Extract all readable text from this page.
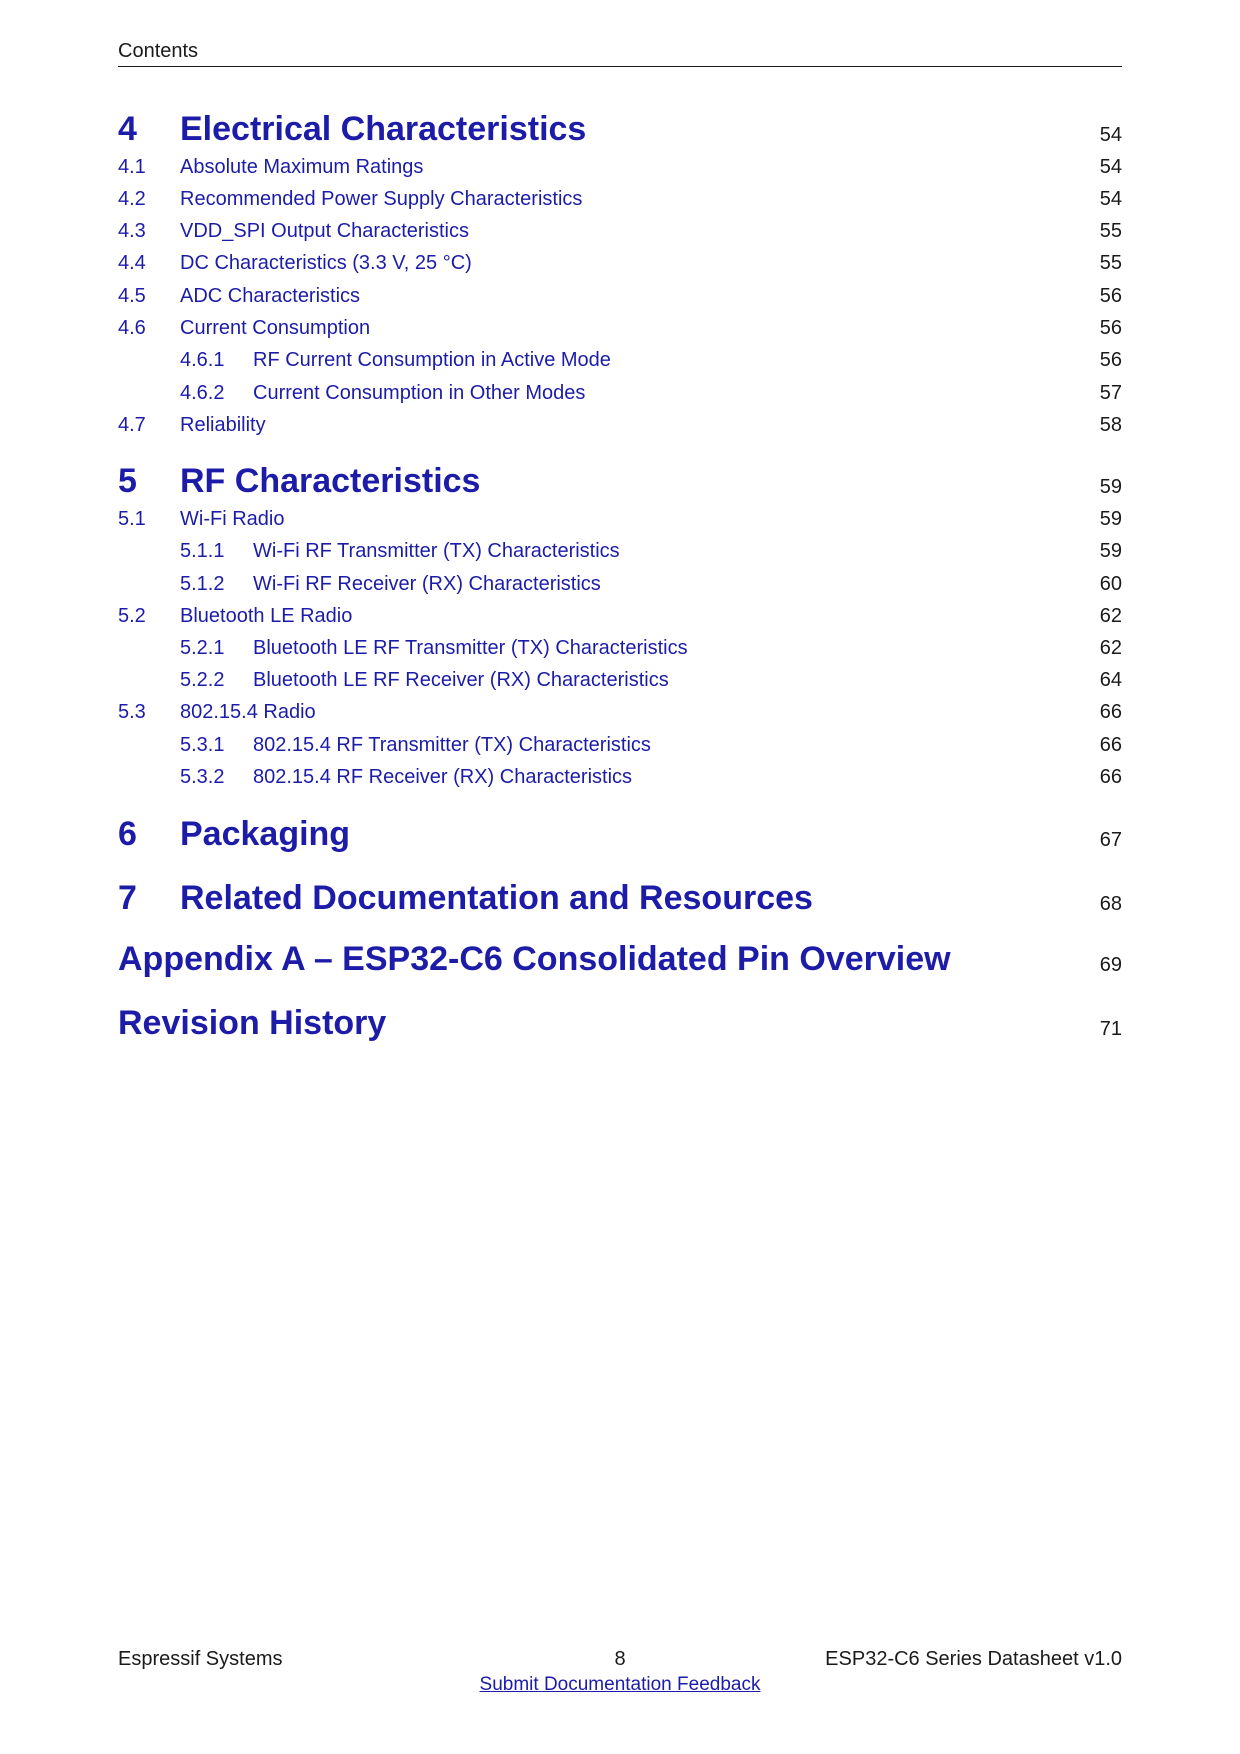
Contents
4 Electrical Characteristics	54
4.1 Absolute Maximum Ratings	54
4.2 Recommended Power Supply Characteristics	54
4.3 VDD_SPI Output Characteristics	55
4.4 DC Characteristics (3.3 V, 25 °C)	55
4.5 ADC Characteristics	56
4.6 Current Consumption	56
4.6.1 RF Current Consumption in Active Mode	56
4.6.2 Current Consumption in Other Modes	57
4.7 Reliability	58
5 RF Characteristics	59
5.1 Wi-Fi Radio	59
5.1.1 Wi-Fi RF Transmitter (TX) Characteristics	59
5.1.2 Wi-Fi RF Receiver (RX) Characteristics	60
5.2 Bluetooth LE Radio	62
5.2.1 Bluetooth LE RF Transmitter (TX) Characteristics	62
5.2.2 Bluetooth LE RF Receiver (RX) Characteristics	64
5.3 802.15.4 Radio	66
5.3.1 802.15.4 RF Transmitter (TX) Characteristics	66
5.3.2 802.15.4 RF Receiver (RX) Characteristics	66
6 Packaging	67
7 Related Documentation and Resources	68
Appendix A – ESP32-C6 Consolidated Pin Overview	69
Revision History	71
Espressif Systems	8	ESP32-C6 Series Datasheet v1.0
Submit Documentation Feedback
